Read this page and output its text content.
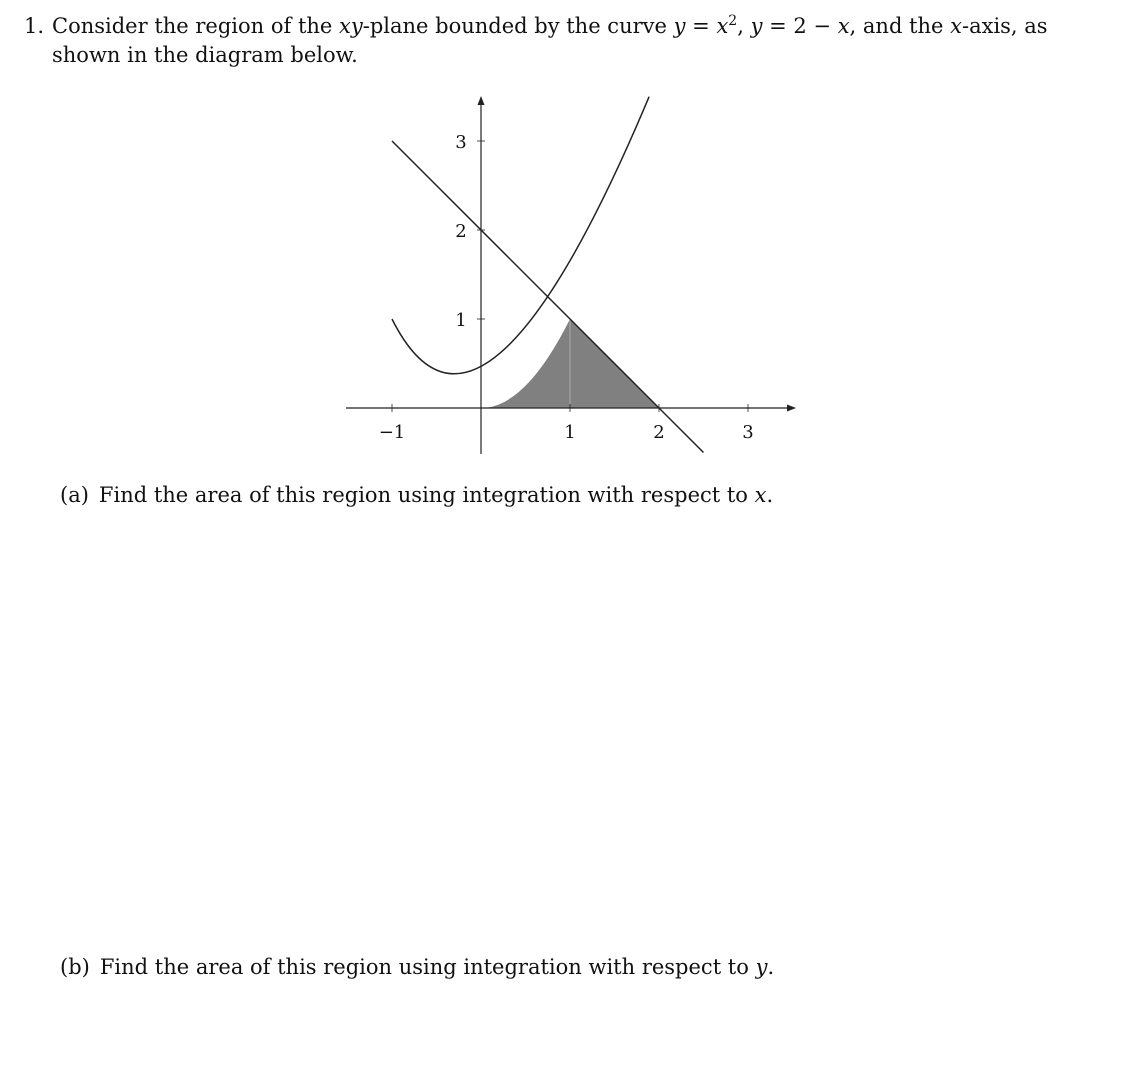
1. Consider the region of the xy-plane bounded by the curve $y = x^2$, y = 2 − x, and the x-axis, as shown in the diagram below.
−1	1	2	3
1
2
3
(a) Find the area of this region using integration with respect to x.
(b) Find the area of this region using integration with respect to y.
